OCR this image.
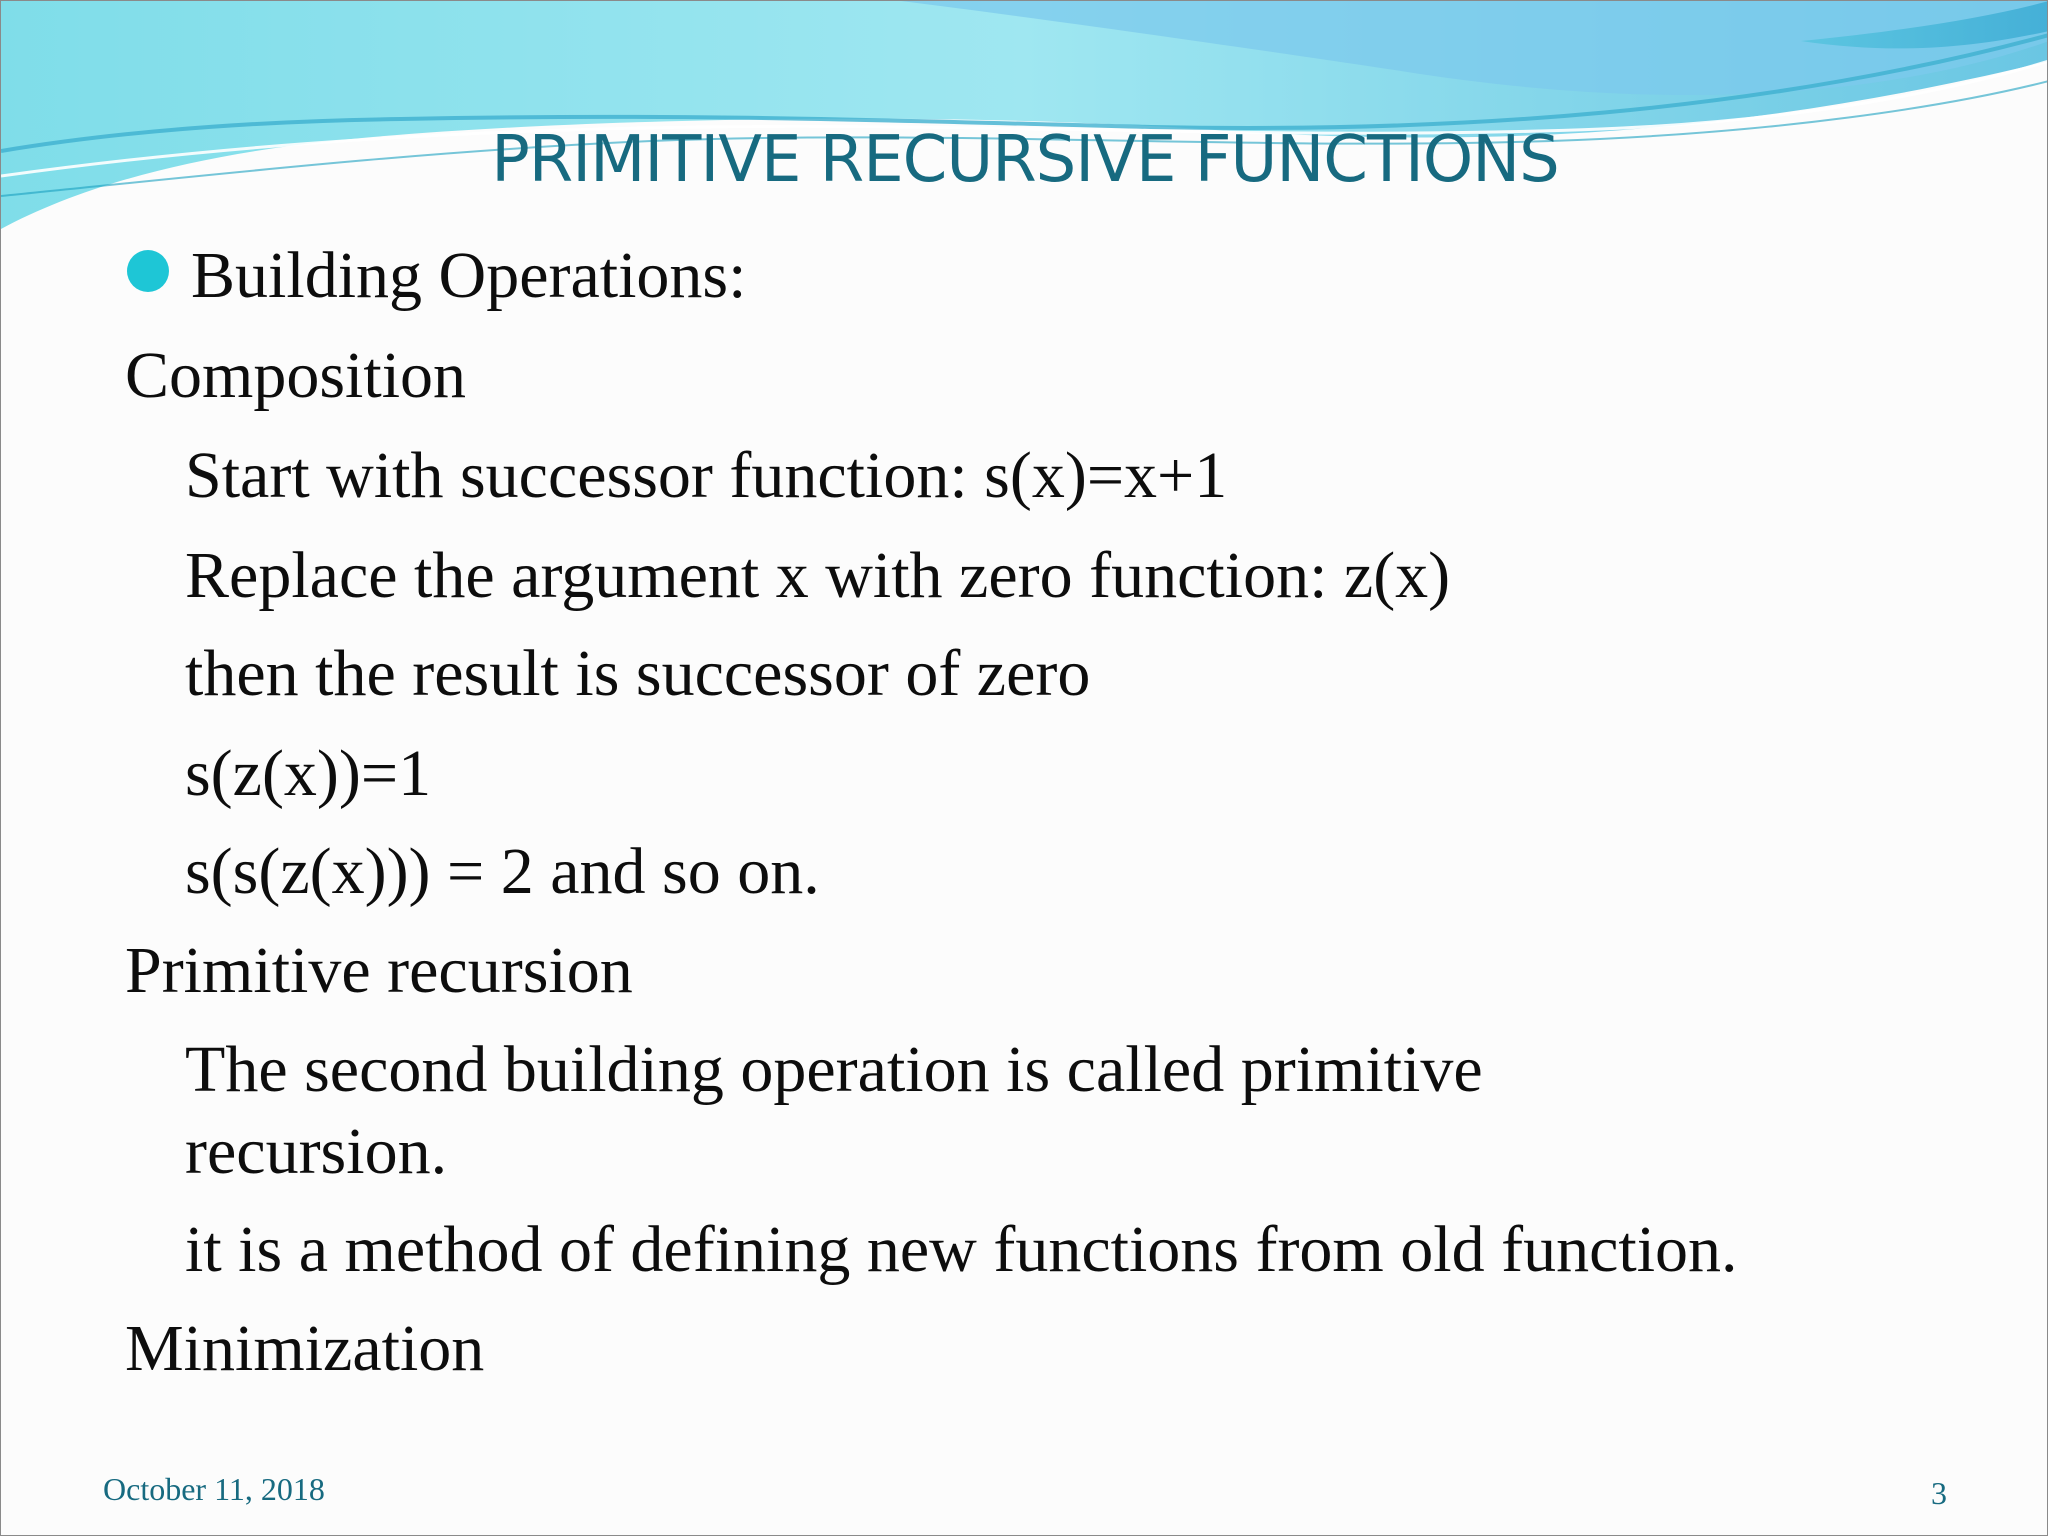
PRIMITIVE RECURSIVE FUNCTIONS
Building Operations:
Composition
Start with successor function: s(x)=x+1
Replace the argument x with zero function: z(x)
then the result is successor of zero
s(z(x))=1
s(s(z(x))) = 2 and so on.
Primitive recursion
The second building operation is called primitive
recursion.
it is a method of defining new functions from old function.
Minimization
October 11, 2018	3
